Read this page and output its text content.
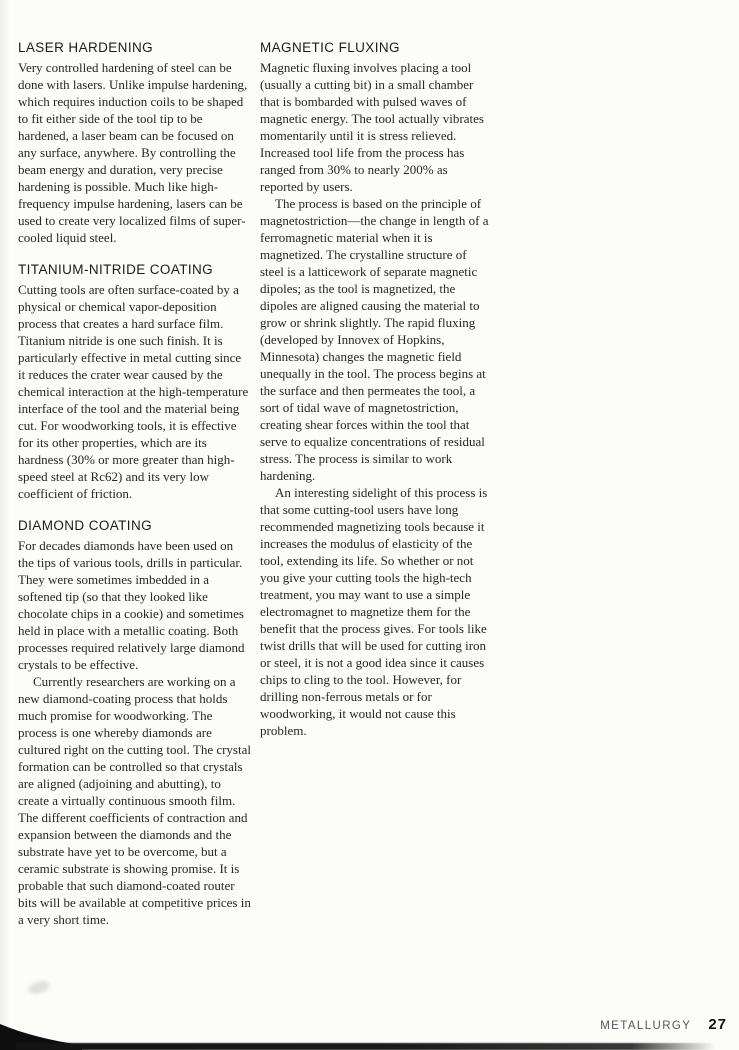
LASER HARDENING

Very controlled hardening of steel can be done with lasers. Unlike impulse hardening, which requires induction coils to be shaped to fit either side of the tool tip to be hardened, a laser beam can be focused on any surface, anywhere. By controlling the beam energy and duration, very precise hardening is possible. Much like high-frequency impulse hardening, lasers can be used to create very localized films of super-cooled liquid steel.

TITANIUM-NITRIDE COATING

Cutting tools are often surface-coated by a physical or chemical vapor-deposition process that creates a hard surface film. Titanium nitride is one such finish. It is particularly effective in metal cutting since it reduces the crater wear caused by the chemical interaction at the high-temperature interface of the tool and the material being cut. For woodworking tools, it is effective for its other properties, which are its hardness (30% or more greater than high-speed steel at Rc62) and its very low coefficient of friction.

DIAMOND COATING

For decades diamonds have been used on the tips of various tools, drills in particular. They were sometimes imbedded in a softened tip (so that they looked like chocolate chips in a cookie) and sometimes held in place with a metallic coating. Both processes required relatively large diamond crystals to be effective.

Currently researchers are working on a new diamond-coating process that holds much promise for woodworking. The process is one whereby diamonds are cultured right on the cutting tool. The crystal formation can be controlled so that crystals are aligned (adjoining and abutting), to create a virtually continuous smooth film. The different coefficients of contraction and expansion between the diamonds and the substrate have yet to be overcome, but a ceramic substrate is showing promise. It is probable that such diamond-coated router bits will be available at competitive prices in a very short time.

MAGNETIC FLUXING

Magnetic fluxing involves placing a tool (usually a cutting bit) in a small chamber that is bombarded with pulsed waves of magnetic energy. The tool actually vibrates momentarily until it is stress relieved. Increased tool life from the process has ranged from 30% to nearly 200% as reported by users.

The process is based on the principle of magnetostriction—the change in length of a ferromagnetic material when it is magnetized. The crystalline structure of steel is a latticework of separate magnetic dipoles; as the tool is magnetized, the dipoles are aligned causing the material to grow or shrink slightly. The rapid fluxing (developed by Innovex of Hopkins, Minnesota) changes the magnetic field unequally in the tool. The process begins at the surface and then permeates the tool, a sort of tidal wave of magnetostriction, creating shear forces within the tool that serve to equalize concentrations of residual stress. The process is similar to work hardening.

An interesting sidelight of this process is that some cutting-tool users have long recommended magnetizing tools because it increases the modulus of elasticity of the tool, extending its life. So whether or not you give your cutting tools the high-tech treatment, you may want to use a simple electromagnet to magnetize them for the benefit that the process gives. For tools like twist drills that will be used for cutting iron or steel, it is not a good idea since it causes chips to cling to the tool. However, for drilling non-ferrous metals or for woodworking, it would not cause this problem.

METALLURGY 27
